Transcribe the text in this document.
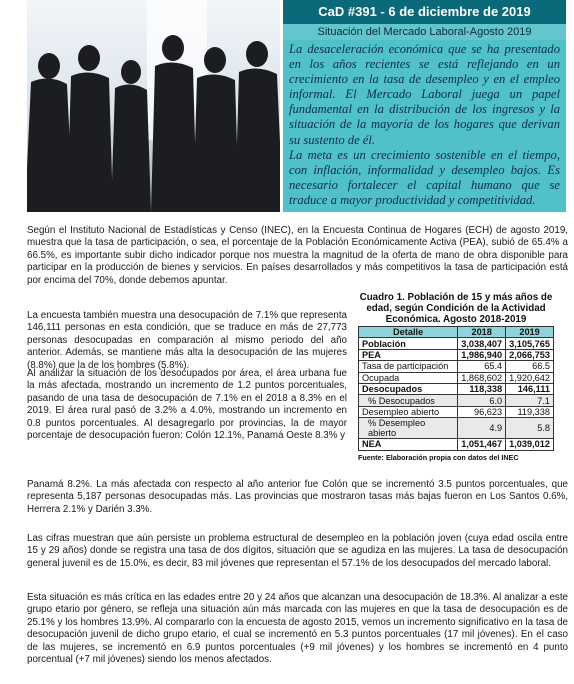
CaD #391 - 6 de diciembre de 2019
Situación del Mercado Laboral-Agosto 2019

La desaceleración económica que se ha presentado en los años recientes se está reflejando en un crecimiento en la tasa de desempleo y en el empleo informal. El Mercado Laboral juega un papel fundamental en la distribución de los ingresos y la situación de la mayoría de los hogares que derivan su sustento de él.

La meta es un crecimiento sostenible en el tiempo, con inflación, informalidad y desempleo bajos. Es necesario fortalecer el capital humano que se traduce a mayor productividad y competitividad.

Según el Instituto Nacional de Estadísticas y Censo (INEC), en la Encuesta Continua de Hogares (ECH) de agosto 2019, muestra que la tasa de participación, o sea, el porcentaje de la Población Económicamente Activa (PEA), subió de 65.4% a 66.5%, es importante subir dicho indicador porque nos muestra la magnitud de la oferta de mano de obra disponible para participar en la producción de bienes y servicios. En países desarrollados y más competitivos la tasa de participación está por encima del 70%, donde debemos apuntar.

La encuesta también muestra una desocupación de 7.1% que representa 146,111 personas en esta condición, que se traduce en más de 27,773 personas desocupadas en comparación al mismo periodo del año anterior. Además, se mantiene más alta la desocupación de las mujeres (8.8%) que la de los hombres (5.8%).

Al analizar la situación de los desocupados por área, el área urbana fue la más afectada, mostrando un incremento de 1.2 puntos porcentuales, pasando de una tasa de desocupación de 7.1% en el 2018 a 8.3% en el 2019. El área rural pasó de 3.2% a 4.0%, mostrando un incremento en 0.8 puntos porcentuales. Al desagregarlo por provincias, la de mayor porcentaje de desocupación fueron: Colón 12.1%, Panamá Oeste 8.3% y

Panamá 8.2%. La más afectada con respecto al año anterior fue Colón que se incrementó 3.5 puntos porcentuales, que representa 5,187 personas desocupadas más. Las provincias que mostraron tasas más bajas fueron en Los Santos 0.6%, Herrera 2.1% y Darién 3.3%.

Las cifras muestran que aún persiste un problema estructural de desempleo en la población joven (cuya edad oscila entre 15 y 29 años) donde se registra una tasa de dos dígitos, situación que se agudiza en las mujeres. La tasa de desocupación general juvenil es de 15.0%, es decir, 83 mil jóvenes que representan el 57.1% de los desocupados del mercado laboral.

Esta situación es más crítica en las edades entre 20 y 24 años que alcanzan una desocupación de 18.3%. Al analizar a este grupo etario por género, se refleja una situación aún más marcada con las mujeres en que la tasa de desocupación es de 25.1% y los hombres 13.9%. Al compararlo con la encuesta de agosto 2015, vemos un incremento significativo en la tasa de desocupación juvenil de dicho grupo etario, el cual se incrementó en 5.3 puntos porcentuales (17 mil jóvenes). En el caso de las mujeres, se incrementó en 6.9 puntos porcentuales (+9 mil jóvenes) y los hombres se incrementó en 4 punto porcentual (+7 mil jóvenes) siendo los menos afectados.

Cuadro 1. Población de 15 y más años de edad, según Condición de la Actividad Económica. Agosto 2018-2019
Detalle	2018	2019
Población	3,038,407	3,105,765
PEA	1,986,940	2,066,753
Tasa de participación	65.4	66.5
Ocupada	1,868,602	1,920,642
Desocupados	118,338	146,111
% Desocupados	6.0	7.1
Desempleo abierto	96,623	119,338
% Desempleo abierto	4.9	5.8
NEA	1,051,467	1,039,012
Fuente: Elaboración propia con datos del INEC
